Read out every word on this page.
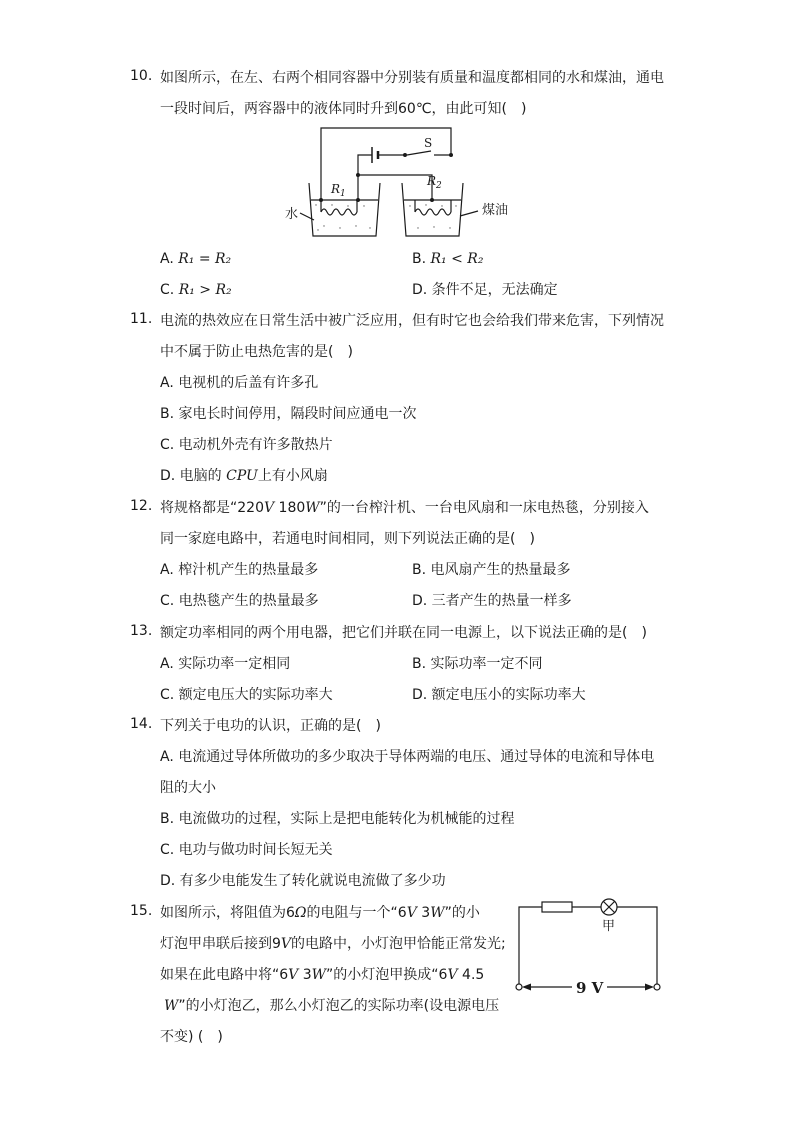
10. 如图所示，在左、右两个相同容器中分别装有质量和温度都相同的水和煤油，通电
一段时间后，两容器中的液体同时升到60℃，由此可知(　)
S
$R_1$
$R_2$
水	煤油
A. R₁ = R₂	B. R₁ < R₂
C. R₁ > R₂	D. 条件不足，无法确定
11. 电流的热效应在日常生活中被广泛应用，但有时它也会给我们带来危害，下列情况
中不属于防止电热危害的是(　)
A. 电视机的后盖有许多孔
B. 家电长时间停用，隔段时间应通电一次
C. 电动机外壳有许多散热片
D. 电脑的 CPU上有小风扇
12. 将规格都是“220V 180W”的一台榨汁机、一台电风扇和一床电热毯，分别接入
同一家庭电路中，若通电时间相同，则下列说法正确的是(　)
A. 榨汁机产生的热量最多	B. 电风扇产生的热量最多
C. 电热毯产生的热量最多	D. 三者产生的热量一样多
13. 额定功率相同的两个用电器，把它们并联在同一电源上，以下说法正确的是(　)
A. 实际功率一定相同	B. 实际功率一定不同
C. 额定电压大的实际功率大	D. 额定电压小的实际功率大
14. 下列关于电功的认识，正确的是(　)
A. 电流通过导体所做功的多少取决于导体两端的电压、通过导体的电流和导体电
阻的大小
B. 电流做功的过程，实际上是把电能转化为机械能的过程
C. 电功与做功时间长短无关
D. 有多少电能发生了转化就说电流做了多少功
15. 如图所示，将阻值为6Ω的电阻与一个“6V 3W”的小
灯泡甲串联后接到9V的电路中，小灯泡甲恰能正常发光;
如果在此电路中将“6V 3W”的小灯泡甲换成“6V 4.5
W”的小灯泡乙，那么小灯泡乙的实际功率(设电源电压
不变) (　)
9 V
甲
